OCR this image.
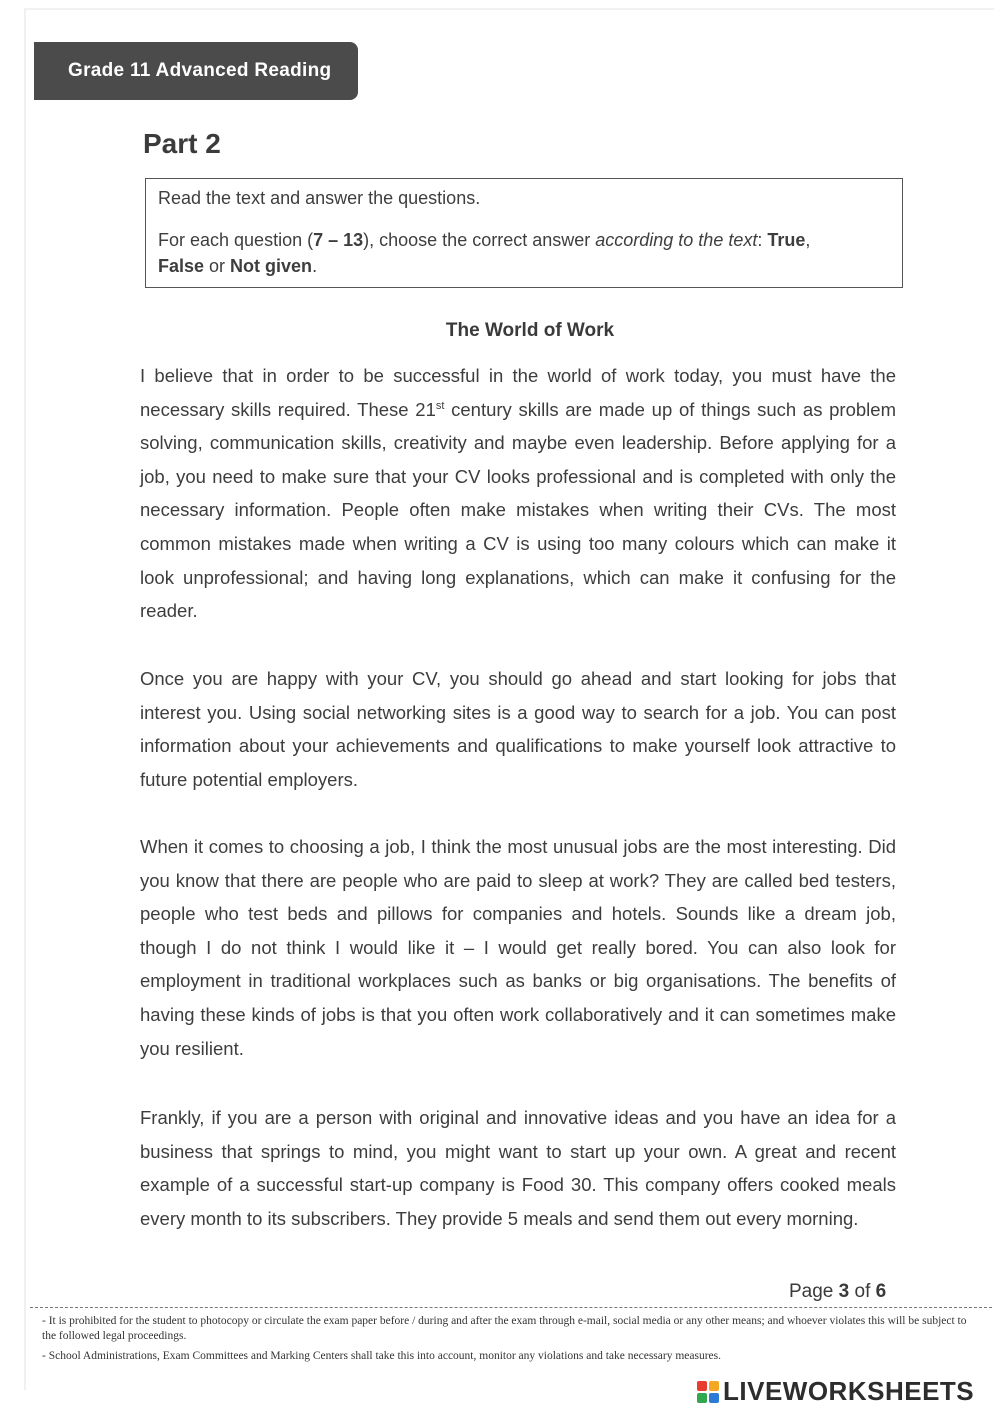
Grade 11 Advanced Reading
Part 2

Read the text and answer the questions.

For each question (7 – 13), choose the correct answer according to the text: True,
False or Not given.

The World of Work

I believe that in order to be successful in the world of work today, you must have the necessary skills required. These 21st century skills are made up of things such as problem solving, communication skills, creativity and maybe even leadership. Before applying for a job, you need to make sure that your CV looks professional and is completed with only the necessary information. People often make mistakes when writing their CVs. The most common mistakes made when writing a CV is using too many colours which can make it look unprofessional; and having long explanations, which can make it confusing for the reader.

Once you are happy with your CV, you should go ahead and start looking for jobs that interest you. Using social networking sites is a good way to search for a job. You can post information about your achievements and qualifications to make yourself look attractive to future potential employers.

When it comes to choosing a job, I think the most unusual jobs are the most interesting. Did you know that there are people who are paid to sleep at work? They are called bed testers, people who test beds and pillows for companies and hotels. Sounds like a dream job, though I do not think I would like it – I would get really bored. You can also look for employment in traditional workplaces such as banks or big organisations. The benefits of having these kinds of jobs is that you often work collaboratively and it can sometimes make you resilient.

Frankly, if you are a person with original and innovative ideas and you have an idea for a business that springs to mind, you might want to start up your own. A great and recent example of a successful start-up company is Food 30. This company offers cooked meals every month to its subscribers. They provide 5 meals and send them out every morning.

Page 3 of 6

- It is prohibited for the student to photocopy or circulate the exam paper before / during and after the exam through e-mail, social media or any other means; and whoever violates this will be subject to the followed legal proceedings.

- School Administrations, Exam Committees and Marking Centers shall take this into account, monitor any violations and take necessary measures.

LIVEWORKSHEETS
